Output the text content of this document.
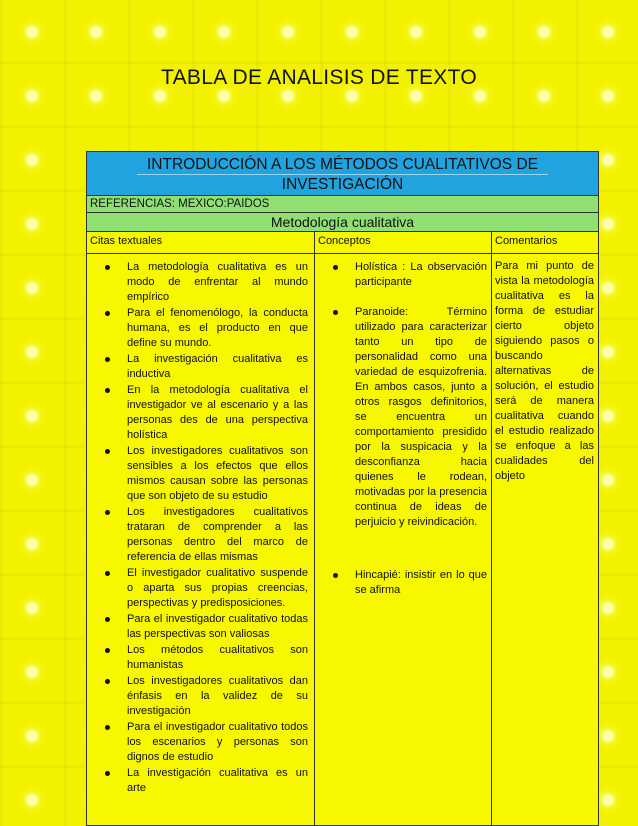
TABLA DE ANALISIS DE TEXTO
INTRODUCCIÓN A LOS MÉTODOS CUALITATIVOS DE
INVESTIGACIÓN
REFERENCIAS: MEXICO:PAIDOS
Metodología cualitativa
Citas textuales	Conceptos	Comentarios
La metodología cualitativa es un modo de enfrentar al mundo empírico
Para el fenomenólogo, la conducta humana, es el producto en que define su mundo.
La investigación cualitativa es inductiva
En la metodología cualitativa el investigador ve al escenario y a las personas des de una perspectiva holística
Los investigadores cualitativos son sensibles a los efectos que ellos mismos causan sobre las personas que son objeto de su estudio
Los investigadores cualitativos trataran de comprender a las personas dentro del marco de referencia de ellas mismas
El investigador cualitativo suspende o aparta sus propias creencias, perspectivas y predisposiciones.
Para el investigador cualitativo todas las perspectivas son valiosas
Los métodos cualitativos son humanistas
Los investigadores cualitativos dan énfasis en la validez de su investigación
Para el investigador cualitativo todos los escenarios y personas son dignos de estudio
La investigación cualitativa es un arte
Holística : La observación participante
Paranoide: Término utilizado para caracterizar tanto un tipo de personalidad como una variedad de esquizofrenia. En ambos casos, junto a otros rasgos definitorios, se encuentra un comportamiento presidido por la suspicacia y la desconfianza hacia quienes le rodean, motivadas por la presencia continua de ideas de perjuicio y reivindicación.
Hincapié: insistir en lo que se afirma
Para mi punto de vista la metodología cualitativa es la forma de estudiar cierto objeto siguiendo pasos o buscando alternativas de solución, el estudio será de manera cualitativa cuando el estudio realizado se enfoque a las cualidades del objeto
